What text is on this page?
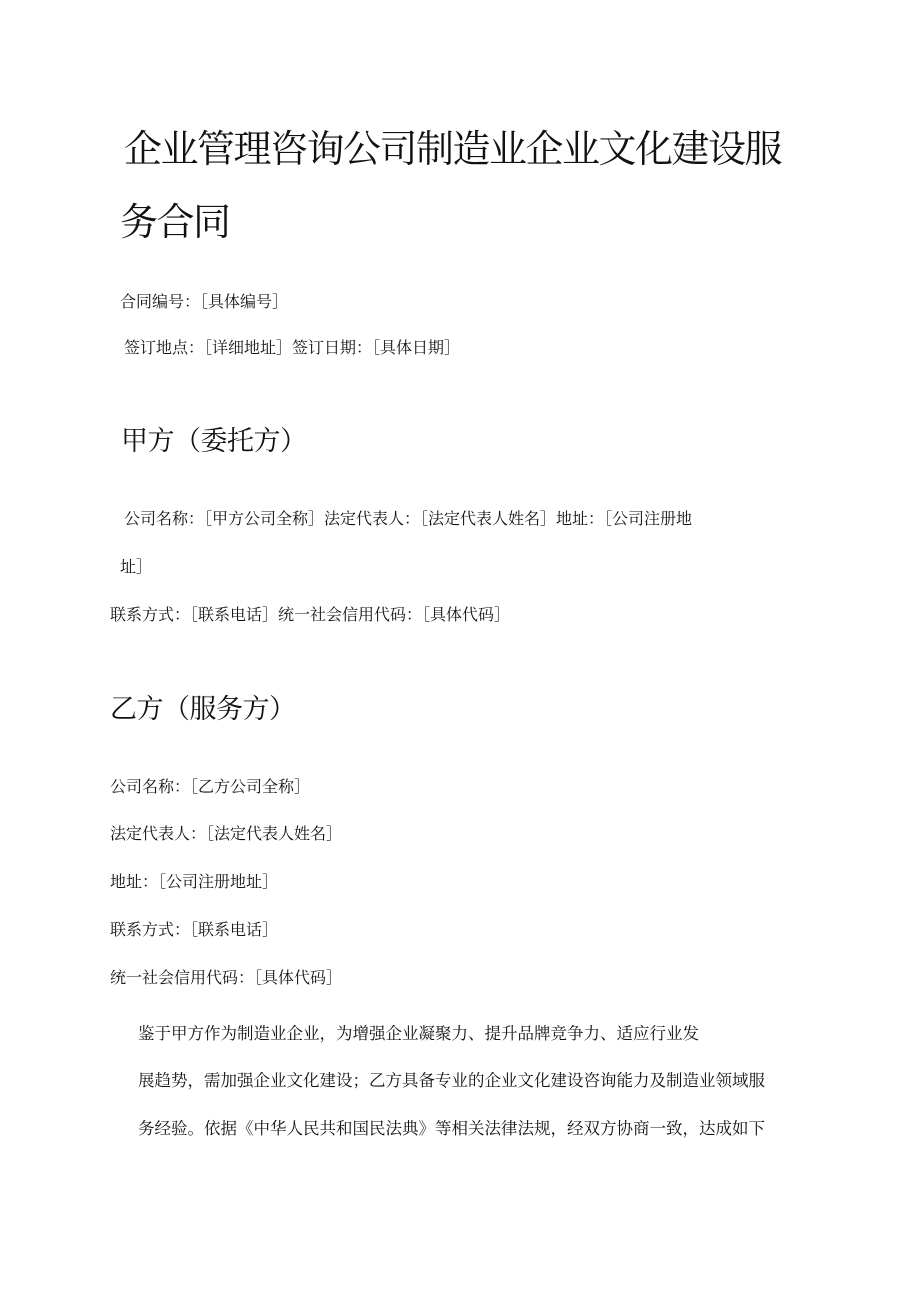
企业管理咨询公司制造业企业文化建设服
务合同
合同编号：［具体编号］
签订地点：［详细地址］签订日期：［具体日期］
甲方（委托方）
公司名称：［甲方公司全称］法定代表人：［法定代表人姓名］地址：［公司注册地
址］
联系方式：［联系电话］统一社会信用代码：［具体代码］
乙方（服务方）
公司名称：［乙方公司全称］
法定代表人：［法定代表人姓名］
地址：［公司注册地址］
联系方式：［联系电话］
统一社会信用代码：［具体代码］
鉴于甲方作为制造业企业，为增强企业凝聚力、提升品牌竞争力、适应行业发
展趋势，需加强企业文化建设；乙方具备专业的企业文化建设咨询能力及制造业领域服
务经验。依据《中华人民共和国民法典》等相关法律法规，经双方协商一致，达成如下
